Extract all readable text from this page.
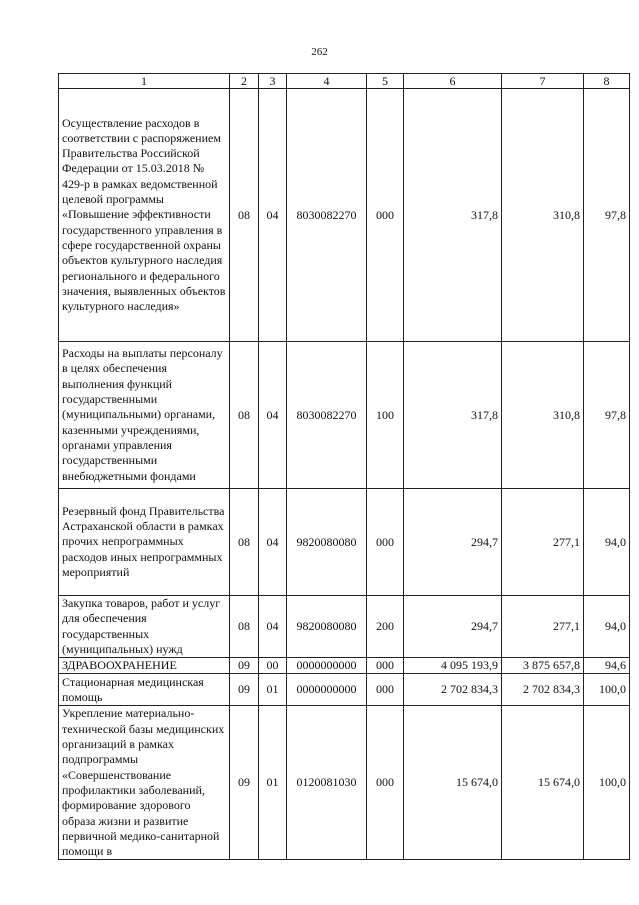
262
1	2	3	4	5	6	7	8
Осуществление расходов в соответствии с распоряжением Правительства Российской Федерации от 15.03.2018 № 429-р в рамках ведомственной целевой программы «Повышение эффективности государственного управления в сфере государственной охраны объектов культурного наследия регионального и федерального значения, выявленных объектов культурного наследия»	08	04	8030082270	000	317,8	310,8	97,8
Расходы на выплаты персоналу в целях обеспечения выполнения функций государственными (муниципальными) органами, казенными учреждениями, органами управления государственными внебюджетными фондами	08	04	8030082270	100	317,8	310,8	97,8
Резервный фонд Правительства Астраханской области в рамках прочих непрограммных расходов иных непрограммных мероприятий	08	04	9820080080	000	294,7	277,1	94,0
Закупка товаров, работ и услуг для обеспечения государственных (муниципальных) нужд	08	04	9820080080	200	294,7	277,1	94,0
ЗДРАВООХРАНЕНИЕ	09	00	0000000000	000	4 095 193,9	3 875 657,8	94,6
Стационарная медицинская помощь	09	01	0000000000	000	2 702 834,3	2 702 834,3	100,0
Укрепление материально-технической базы медицинских организаций в рамках подпрограммы «Совершенствование профилактики заболеваний, формирование здорового образа жизни и развитие первичной медико-санитарной помощи в	09	01	0120081030	000	15 674,0	15 674,0	100,0
